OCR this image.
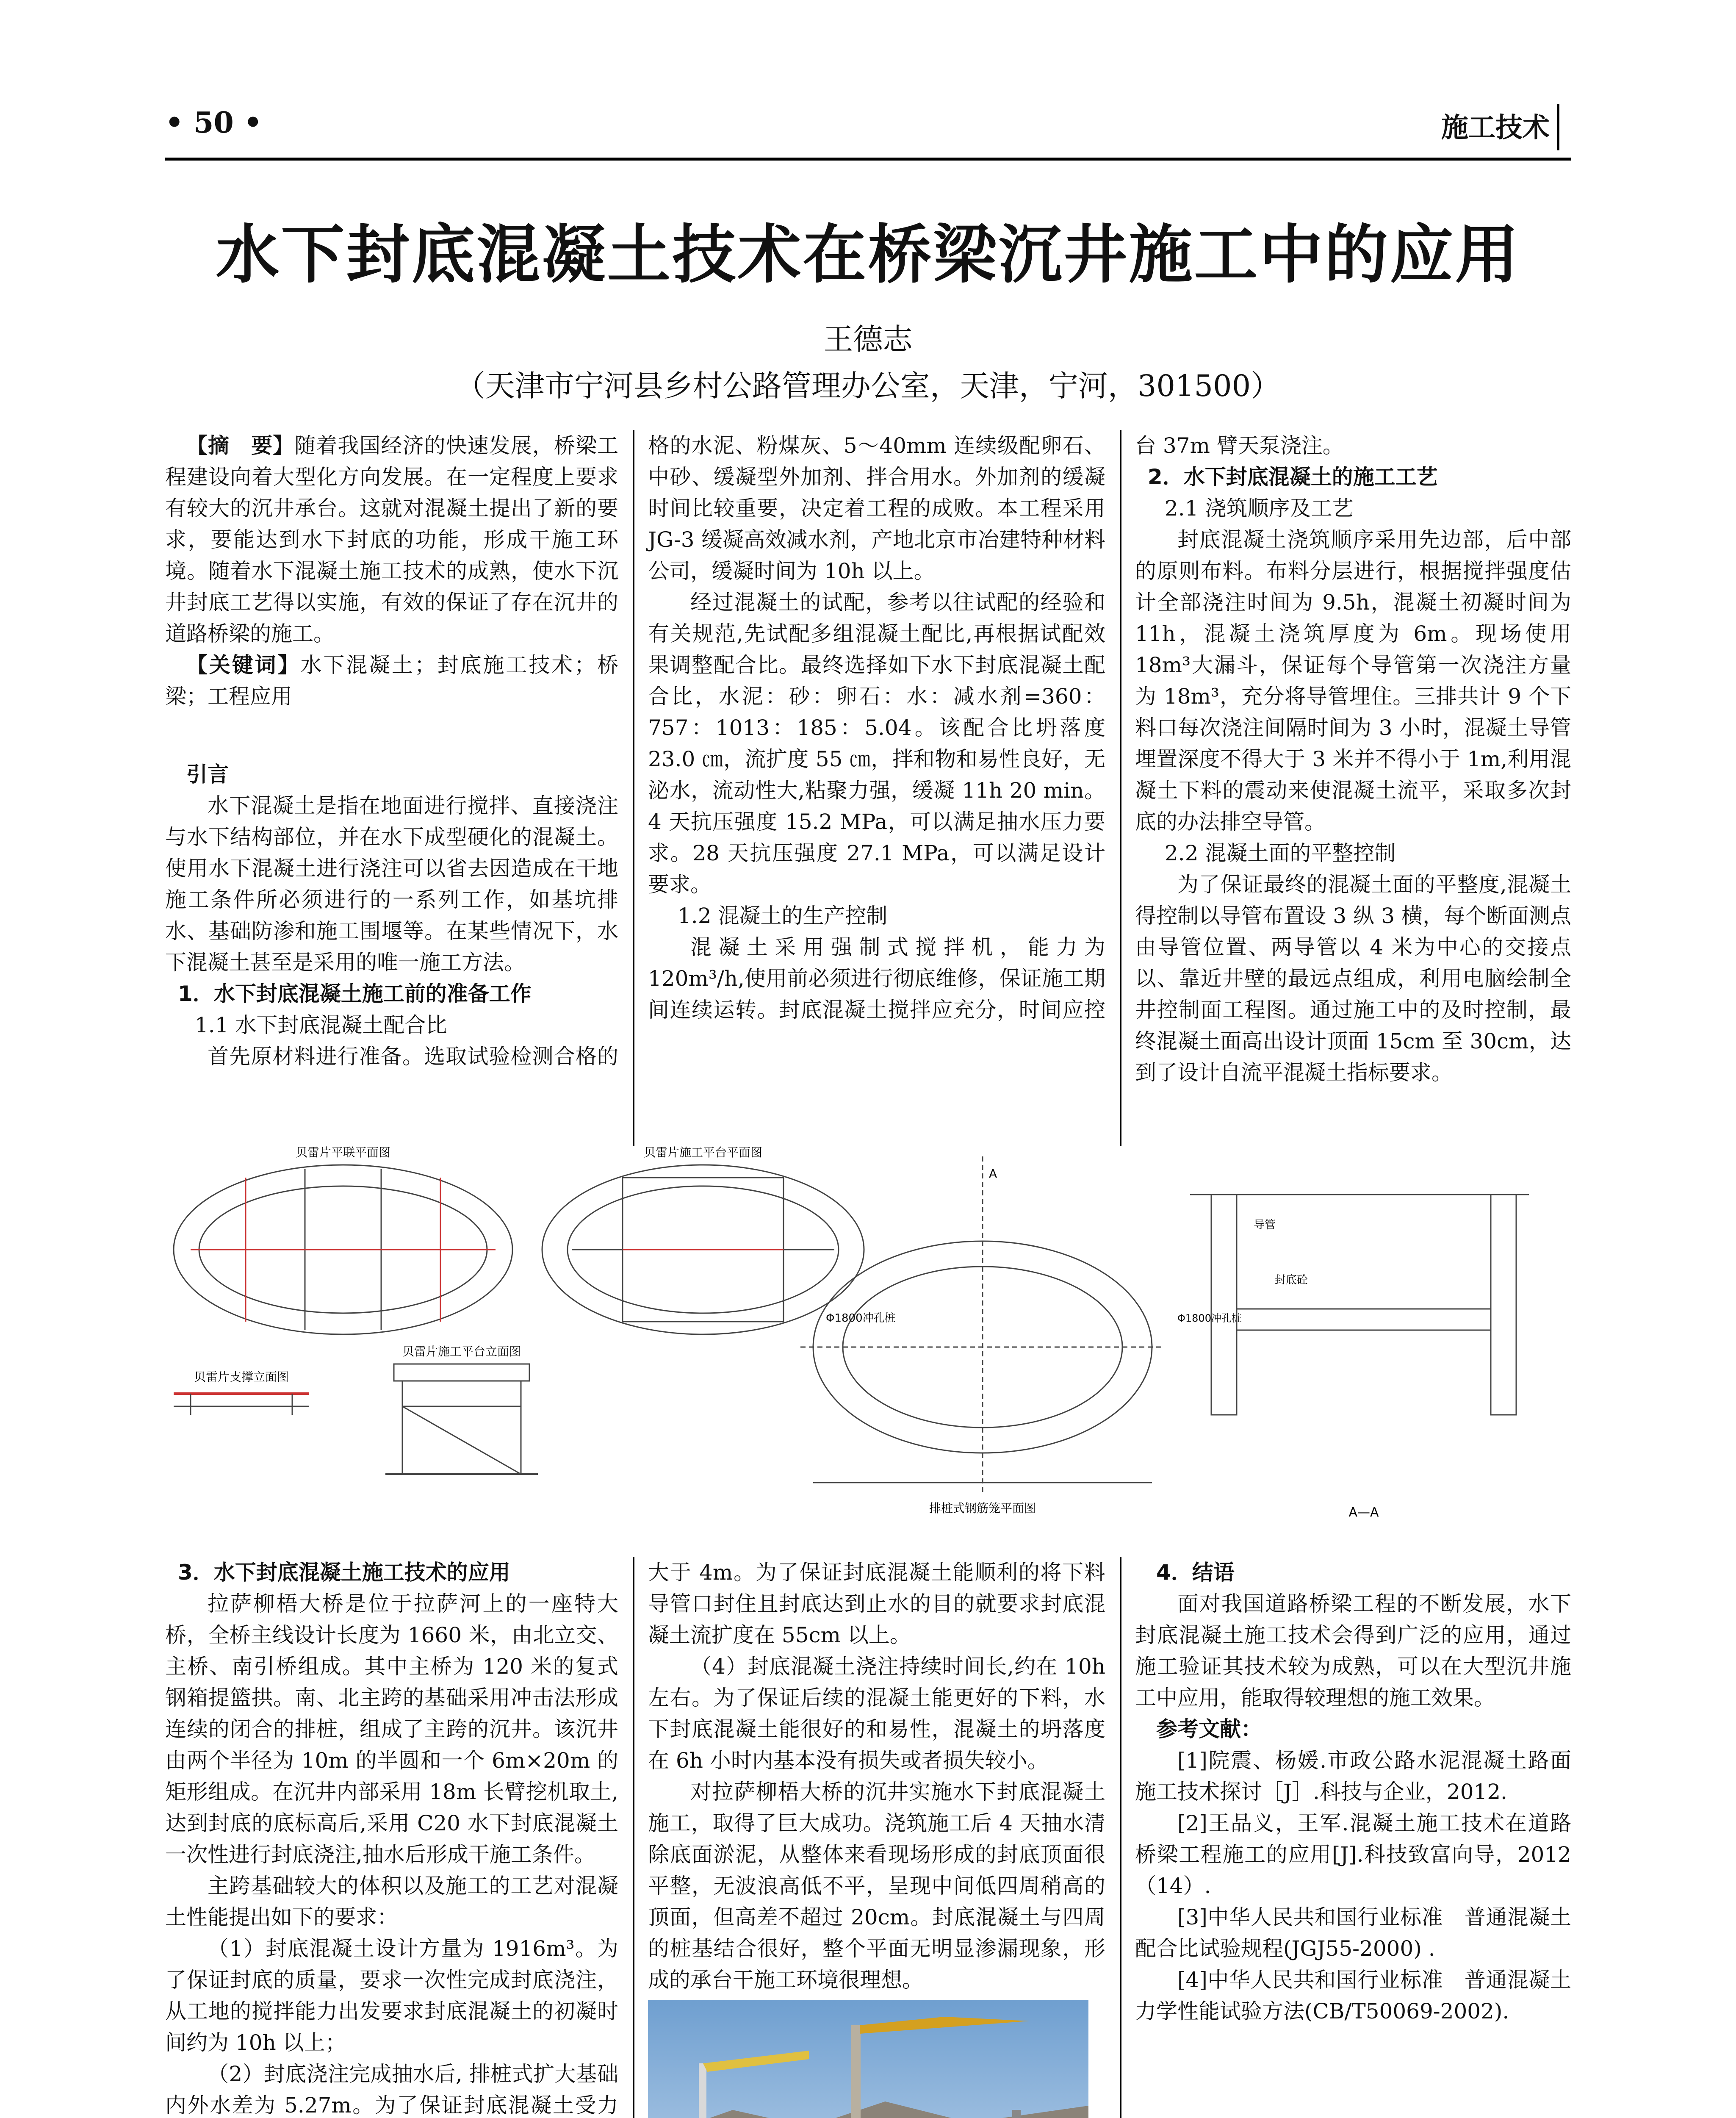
• 50 •	施工技术
水下封底混凝土技术在桥梁沉井施工中的应用
王德志
（天津市宁河县乡村公路管理办公室，天津，宁河，301500）

【摘　要】随着我国经济的快速发展，桥梁工程建设向着大型化方向发展。在一定程度上要求有较大的沉井承台。这就对混凝土提出了新的要求，要能达到水下封底的功能，形成干施工环境。随着水下混凝土施工技术的成熟，使水下沉井封底工艺得以实施，有效的保证了存在沉井的道路桥梁的施工。

【关键词】水下混凝土；封底施工技术；桥梁；工程应用

引言

水下混凝土是指在地面进行搅拌、直接浇注与水下结构部位，并在水下成型硬化的混凝土。使用水下混凝土进行浇注可以省去因造成在干地施工条件所必须进行的一系列工作，如基坑排水、基础防渗和施工围堰等。在某些情况下，水下混凝土甚至是采用的唯一施工方法。

1．水下封底混凝土施工前的准备工作

1.1 水下封底混凝土配合比

首先原材料进行准备。选取试验检测合格的

格的水泥、粉煤灰、5～40mm 连续级配卵石、中砂、缓凝型外加剂、拌合用水。外加剂的缓凝时间比较重要，决定着工程的成败。本工程采用 JG-3 缓凝高效减水剂，产地北京市冶建特种材料公司，缓凝时间为 10h 以上。

经过混凝土的试配，参考以往试配的经验和有关规范,先试配多组混凝土配比,再根据试配效果调整配合比。最终选择如下水下封底混凝土配合比，水泥：砂：卵石：水：减水剂=360：757：1013：185：5.04。该配合比坍落度 23.0 ㎝，流扩度 55 ㎝，拌和物和易性良好，无泌水，流动性大,粘聚力强，缓凝 11h 20 min。4 天抗压强度 15.2 MPa，可以满足抽水压力要求。28 天抗压强度 27.1 MPa，可以满足设计要求。

1.2 混凝土的生产控制

混凝土采用强制式搅拌机，能力为 120m³/h,使用前必须进行彻底维修，保证施工期间连续运转。封底混凝土搅拌应充分，时间应控

台 37m 臂天泵浇注。

2．水下封底混凝土的施工工艺

2.1 浇筑顺序及工艺

封底混凝土浇筑顺序采用先边部，后中部的原则布料。布料分层进行，根据搅拌强度估计全部浇注时间为 9.5h，混凝土初凝时间为 11h，混凝土浇筑厚度为 6m。现场使用 18m³大漏斗，保证每个导管第一次浇注方量为 18m³，充分将导管埋住。三排共计 9 个下料口每次浇注间隔时间为 3 小时，混凝土导管埋置深度不得大于 3 米并不得小于 1m,利用混凝土下料的震动来使混凝土流平，采取多次封底的办法排空导管。

2.2 混凝土面的平整控制

为了保证最终的混凝土面的平整度,混凝土得控制以导管布置设 3 纵 3 横，每个断面测点由导管位置、两导管以 4 米为中心的交接点以、靠近井壁的最远点组成，利用电脑绘制全井控制面工程图。通过施工中的及时控制，最终混凝土面高出设计顶面 15cm 至 30cm，达到了设计自流平混凝土指标要求。

贝雷片平联平面图	贝雷片施工平台平面图
贝雷片支撑立面图
贝雷片施工平台立面图
排桩式钢筋笼平面图
A
Φ1800冲孔桩
导管
封底砼
Φ1800冲孔桩
A—A

3．水下封底混凝土施工技术的应用

拉萨柳梧大桥是位于拉萨河上的一座特大桥，全桥主线设计长度为 1660 米，由北立交、主桥、南引桥组成。其中主桥为 120 米的复式钢箱提篮拱。南、北主跨的基础采用冲击法形成连续的闭合的排桩，组成了主跨的沉井。该沉井由两个半径为 10m 的半圆和一个 6m×20m 的矩形组成。在沉井内部采用 18m 长臂挖机取土,达到封底的底标高后,采用 C20 水下封底混凝土一次性进行封底浇注,抽水后形成干施工条件。

主跨基础较大的体积以及施工的工艺对混凝土性能提出如下的要求：

（1）封底混凝土设计方量为 1916m³。为了保证封底的质量，要求一次性完成封底浇注，从工地的搅拌能力出发要求封底混凝土的初凝时间约为 10h 以上；

（2）封底浇注完成抽水后, 排桩式扩大基础内外水差为 5.27m。为了保证封底混凝土受力

大于 4m。为了保证封底混凝土能顺利的将下料导管口封住且封底达到止水的目的就要求封底混凝土流扩度在 55cm 以上。

（4）封底混凝土浇注持续时间长,约在 10h 左右。为了保证后续的混凝土能更好的下料，水下封底混凝土能很好的和易性，混凝土的坍落度在 6h 小时内基本没有损失或者损失较小。

对拉萨柳梧大桥的沉井实施水下封底混凝土施工，取得了巨大成功。浇筑施工后 4 天抽水清除底面淤泥，从整体来看现场形成的封底顶面很平整，无波浪高低不平，呈现中间低四周稍高的顶面，但高差不超过 20cm。封底混凝土与四周的桩基结合很好，整个平面无明显渗漏现象，形成的承台干施工环境很理想。

4．结语

面对我国道路桥梁工程的不断发展，水下封底混凝土施工技术会得到广泛的应用，通过施工验证其技术较为成熟，可以在大型沉井施工中应用，能取得较理想的施工效果。

参考文献：

[1]院震、杨媛.市政公路水泥混凝土路面施工技术探讨［J］.科技与企业，2012.

[2]王品义，王军.混凝土施工技术在道路桥梁工程施工的应用[J].科技致富向导，2012（14）.

[3]中华人民共和国行业标准　普通混凝土配合比试验规程(JGJ55-2000) .

[4]中华人民共和国行业标准　普通混凝土力学性能试验方法(CB/T50069-2002).
